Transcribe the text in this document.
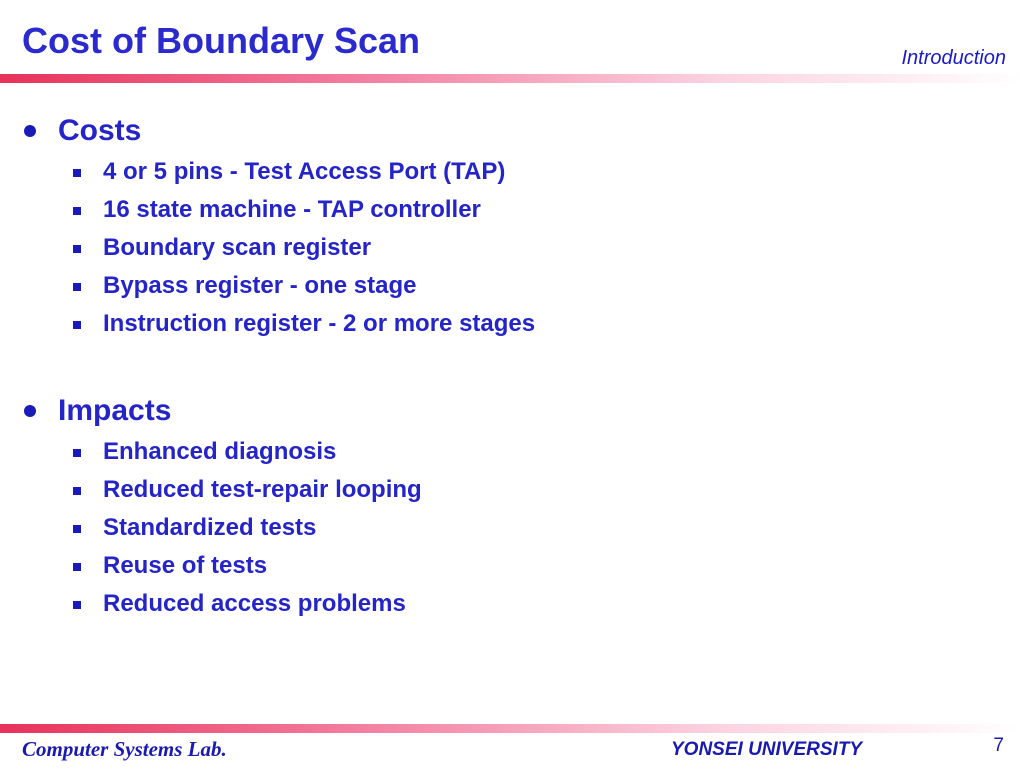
Cost of Boundary Scan	Introduction
Costs
4 or 5 pins - Test Access Port (TAP)
16 state machine - TAP controller
Boundary scan register
Bypass register - one stage
Instruction register - 2 or more stages
Impacts
Enhanced diagnosis
Reduced test-repair looping
Standardized tests
Reuse of tests
Reduced access problems
Computer Systems Lab.	YONSEI UNIVERSITY	7
